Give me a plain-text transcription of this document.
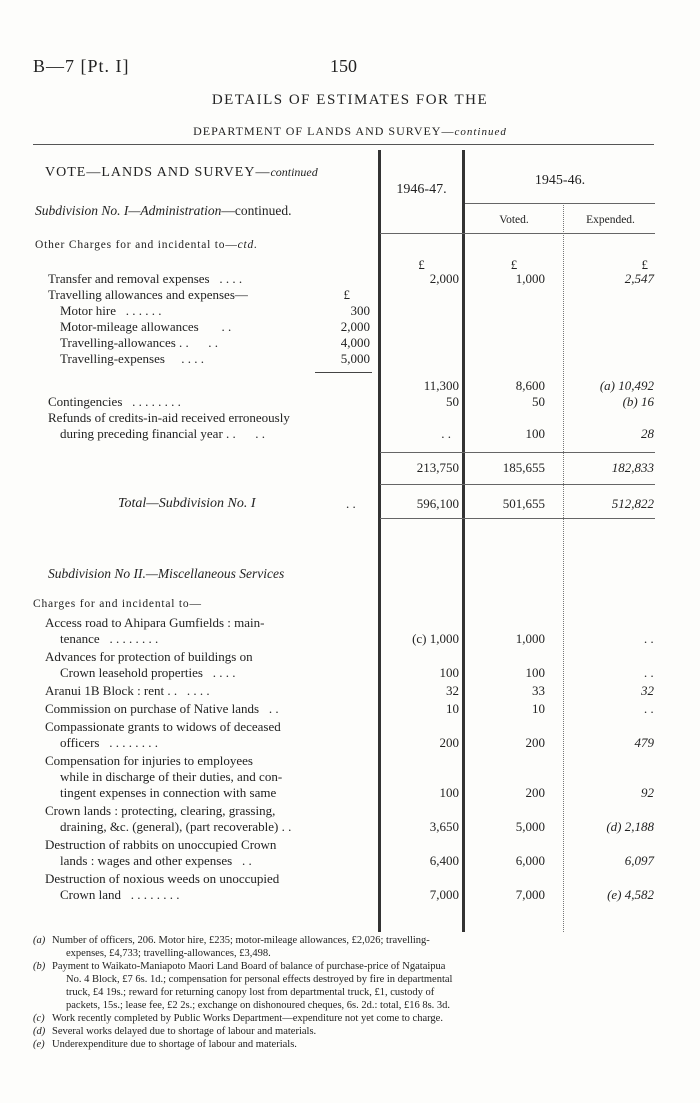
B—7 [Pt. I]	150
DETAILS OF ESTIMATES FOR THE
DEPARTMENT OF LANDS AND SURVEY—continued
1946-47.
1945-46.
Voted.	Expended.
VOTE—LANDS AND SURVEY—continued
Subdivision No. I—Administration—continued.
Other Charges for and incidental to—ctd.
£	£	£
Transfer and removal expenses . . . .	2,000	1,000	2,547
Travelling allowances and expenses—	£
Motor hire . . . . . .	300
Motor-mileage allowances . .	2,000
Travelling-allowances . . . .	4,000
Travelling-expenses . . . .	5,000
11,300	8,600	(a) 10,492
Contingencies . . . . . . . .	50	50	(b) 16
Refunds of credits-in-aid received erroneously
during preceding financial year . . . .	. .	100	28
213,750	185,655	182,833
Total—Subdivision No. I	. .	596,100	501,655	512,822
Subdivision No II.—Miscellaneous Services
Charges for and incidental to—
Access road to Ahipara Gumfields : main-
tenance . . . . . . . .	(c) 1,000	1,000	. .
Advances for protection of buildings on
Crown leasehold properties . . . .	100	100	. .
Aranui 1B Block : rent . . . . . .	32	33	32
Commission on purchase of Native lands . .	10	10	. .
Compassionate grants to widows of deceased
officers . . . . . . . .	200	200	479
Compensation for injuries to employees
while in discharge of their duties, and con-
tingent expenses in connection with same	100	200	92
Crown lands : protecting, clearing, grassing,
draining, &c. (general), (part recoverable) . .	3,650	5,000	(d) 2,188
Destruction of rabbits on unoccupied Crown
lands : wages and other expenses . .	6,400	6,000	6,097
Destruction of noxious weeds on unoccupied
Crown land . . . . . . . .	7,000	7,000	(e) 4,582
(a) Number of officers, 206. Motor hire, £235; motor-mileage allowances, £2,026; travelling-
expenses, £4,733; travelling-allowances, £3,498.
(b) Payment to Waikato-Maniapoto Maori Land Board of balance of purchase-price of Ngataipua
No. 4 Block, £7 6s. 1d.; compensation for personal effects destroyed by fire in departmental
truck, £4 19s.; reward for returning canopy lost from departmental truck, £1, custody of
packets, 15s.; lease fee, £2 2s.; exchange on dishonoured cheques, 6s. 2d.: total, £16 8s. 3d.
(c) Work recently completed by Public Works Department—expenditure not yet come to charge.
(d) Several works delayed due to shortage of labour and materials.
(e) Underexpenditure due to shortage of labour and materials.
